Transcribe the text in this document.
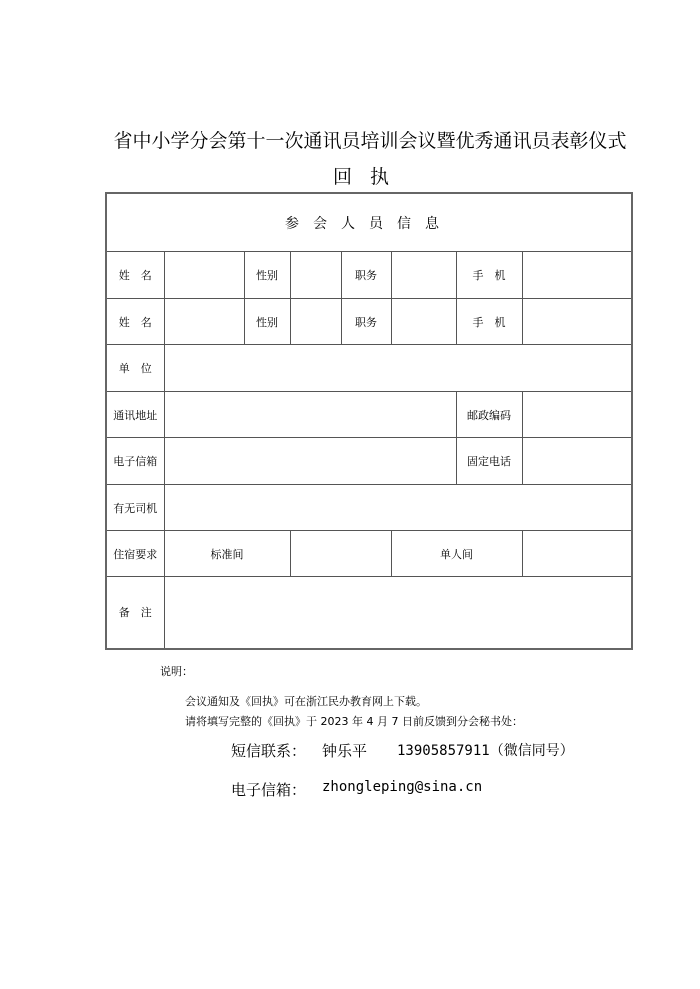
省中小学分会第十一次通讯员培训会议暨优秀通讯员表彰仪式
回执
参会人员信息							
姓　名		性别		职务		手　机	
姓　名		性别		职务		手　机	
单　位							
通讯地址						邮政编码	
电子信箱						固定电话	
有无司机							
住宿要求	标准间				单人间		
备　注							
说明：
会议通知及《回执》可在浙江民办教育网上下载。
请将填写完整的《回执》于 2023 年 4 月 7 日前反馈到分会秘书处：
短信联系： 钟乐平 13905857911（微信同号）
电子信箱： zhongleping@sina.cn
